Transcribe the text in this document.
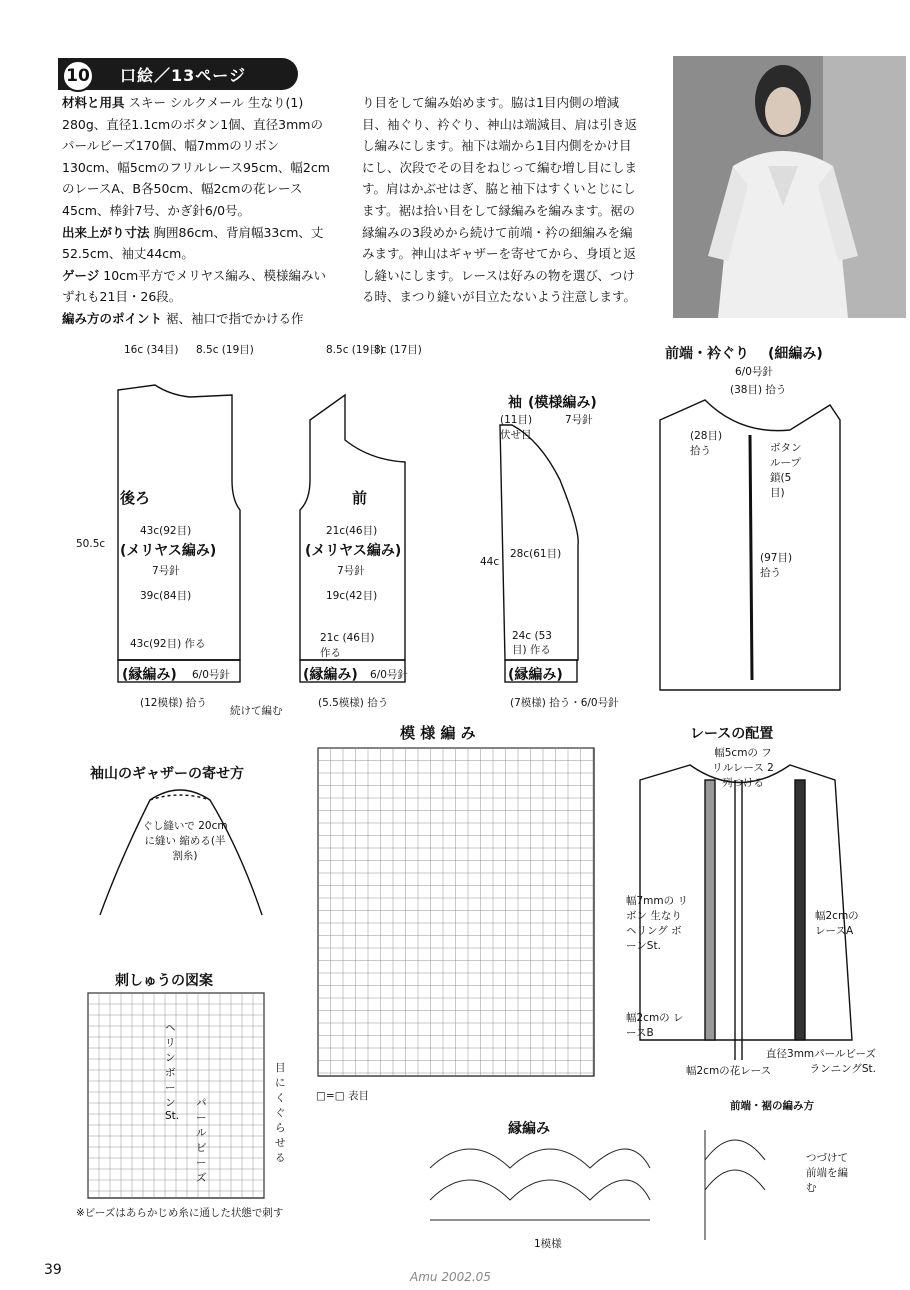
10 口絵／13ページ

材料と用具 スキー シルクメール 生なり(1) 280g、直径1.1cmのボタン1個、直径3mmのパールビーズ170個、幅7mmのリボン130cm、幅5cmのフリルレース95cm、幅2cmのレースA、B各50cm、幅2cmの花レース45cm、棒針7号、かぎ針6/0号。

出来上がり寸法 胸囲86cm、背肩幅33cm、丈52.5cm、袖丈44cm。

ゲージ 10cm平方でメリヤス編み、模様編みいずれも21目・26段。

編み方のポイント 裾、袖口で指でかける作

り目をして編み始めます。脇は1目内側の増減目、袖ぐり、衿ぐり、神山は端減目、肩は引き返し編みにします。袖下は端から1目内側をかけ目にし、次段でその目をねじって編む増し目にします。肩はかぶせはぎ、脇と袖下はすくいとじにします。裾は拾い目をして縁編みを編みます。裾の縁編みの3段めから続けて前端・衿の細編みを編みます。神山はギャザーを寄せてから、身頃と返し縫いにします。レースは好みの物を選び、つける時、まつり縫いが目立たないよう注意します。

後ろ	前
(メリヤス編み)	(メリヤス編み)
7号針	7号針
(縁編み) 6/0号針	(縁編み) 6/0号針
16c (34目) 8.5c (19目)	8.5c (19目)
8c (17目)
43c(92目)
39c(84目)
43c(92目) 作る
21c(46目)
19c(42目)
21c (46目) 作る
50.5c
(12模様) 拾う	(5.5模様) 拾う
続けて編む
袖 (模様編み)
(11目) 伏せ目
7号針
28c(61目)
24c (53目) 作る
44c
(縁編み)
(7模様) 拾う・6/0号針
前端・衿ぐり (細編み)
6/0号針
(38目) 拾う
(28目) 拾う
(97目) 拾う
ボタンループ 鎖(5目)
模 様 編 み
□=□ 表目
袖山のギャザーの寄せ方
ぐし縫いで 20cmに縫い 縮める(半割糸)
刺しゅうの図案
ヘリンボーンSt.
パールビーズ
目にくぐらせる
※ビーズはあらかじめ糸に通した状態で刺す
レースの配置
幅5cmの フリルレース 2列つける
幅7mmの リボン 生なり ヘリング ボーンSt.
幅2cmの レースA
幅2cmの レースB
幅2cmの花レース
直径3mmパールビーズ ランニングSt.
縁編み
1模様
前端・裾の編み方
つづけて 前端を編む
39	Amu 2002.05
